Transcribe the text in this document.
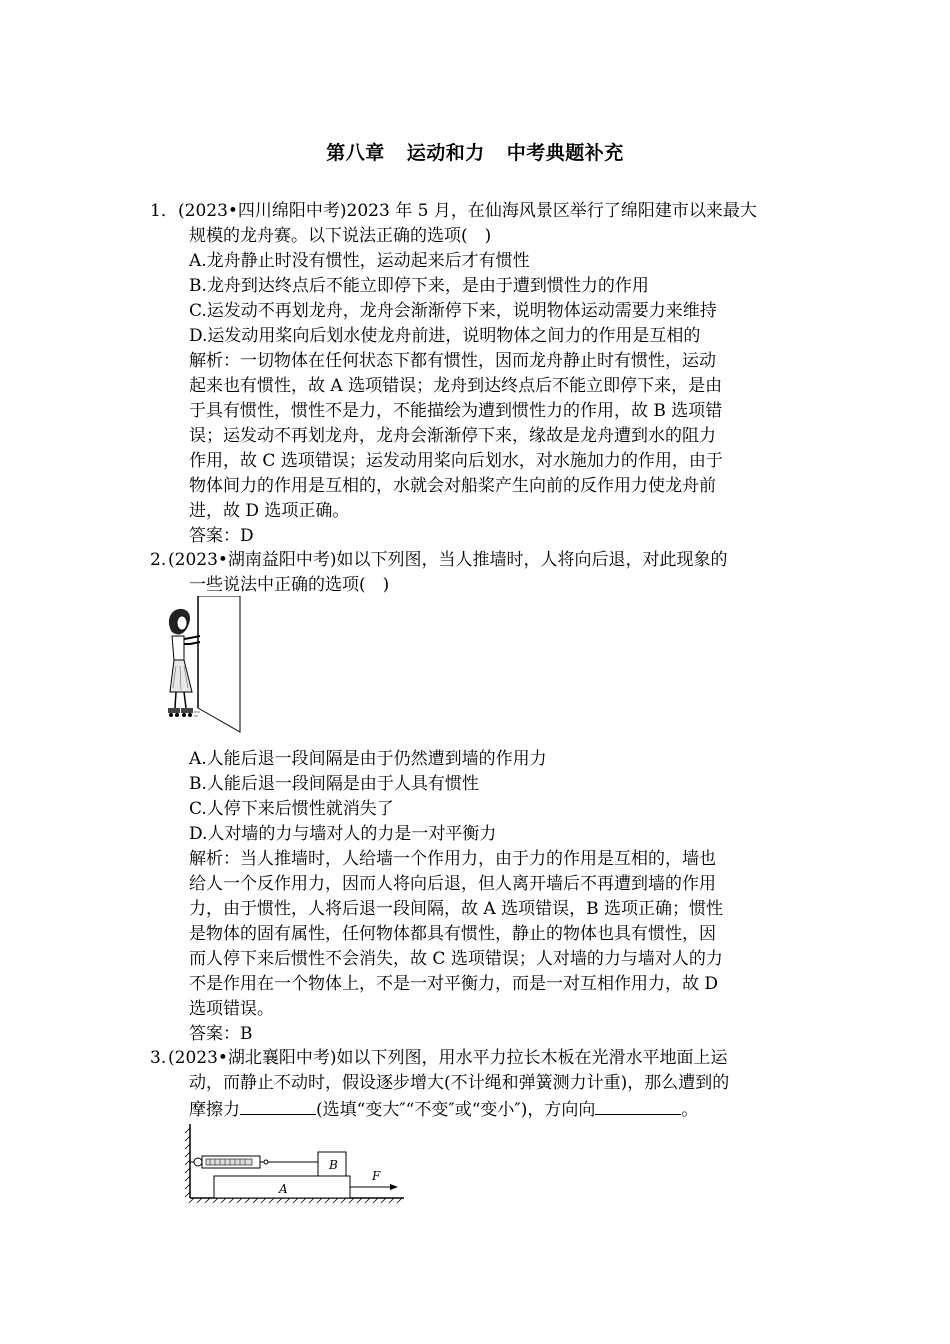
第八章 运动和力 中考典题补充
1． (2023•四川绵阳中考)2023 年 5 月，在仙海风景区举行了绵阳建市以来最大
规模的龙舟赛。以下说法正确的选项(　)
A.龙舟静止时没有惯性，运动起来后才有惯性
B.龙舟到达终点后不能立即停下来，是由于遭到惯性力的作用
C.运发动不再划龙舟，龙舟会渐渐停下来，说明物体运动需要力来维持
D.运发动用桨向后划水使龙舟前进，说明物体之间力的作用是互相的
解析：一切物体在任何状态下都有惯性，因而龙舟静止时有惯性，运动
起来也有惯性，故 A 选项错误；龙舟到达终点后不能立即停下来，是由
于具有惯性，惯性不是力，不能描绘为遭到惯性力的作用，故 B 选项错
误；运发动不再划龙舟，龙舟会渐渐停下来，缘故是龙舟遭到水的阻力
作用，故 C 选项错误；运发动用桨向后划水，对水施加力的作用，由于
物体间力的作用是互相的，水就会对船桨产生向前的反作用力使龙舟前
进，故 D 选项正确。
答案：D
2. (2023•湖南益阳中考)如以下列图，当人推墙时，人将向后退，对此现象的
一些说法中正确的选项(　)
A.人能后退一段间隔是由于仍然遭到墙的作用力
B.人能后退一段间隔是由于人具有惯性
C.人停下来后惯性就消失了
D.人对墙的力与墙对人的力是一对平衡力
解析：当人推墙时，人给墙一个作用力，由于力的作用是互相的，墙也
给人一个反作用力，因而人将向后退，但人离开墙后不再遭到墙的作用
力，由于惯性，人将后退一段间隔，故 A 选项错误，B 选项正确；惯性
是物体的固有属性，任何物体都具有惯性，静止的物体也具有惯性，因
而人停下来后惯性不会消失，故 C 选项错误；人对墙的力与墙对人的力
不是作用在一个物体上，不是一对平衡力，而是一对互相作用力，故 D
选项错误。
答案：B
3. (2023•湖北襄阳中考)如以下列图，用水平力拉长木板在光滑水平地面上运
动，而静止不动时，假设逐步增大(不计绳和弹簧测力计重)，那么遭到的
摩擦力	(选填“变大″“不变″或“变小″)，方向向	。
B
A
F
